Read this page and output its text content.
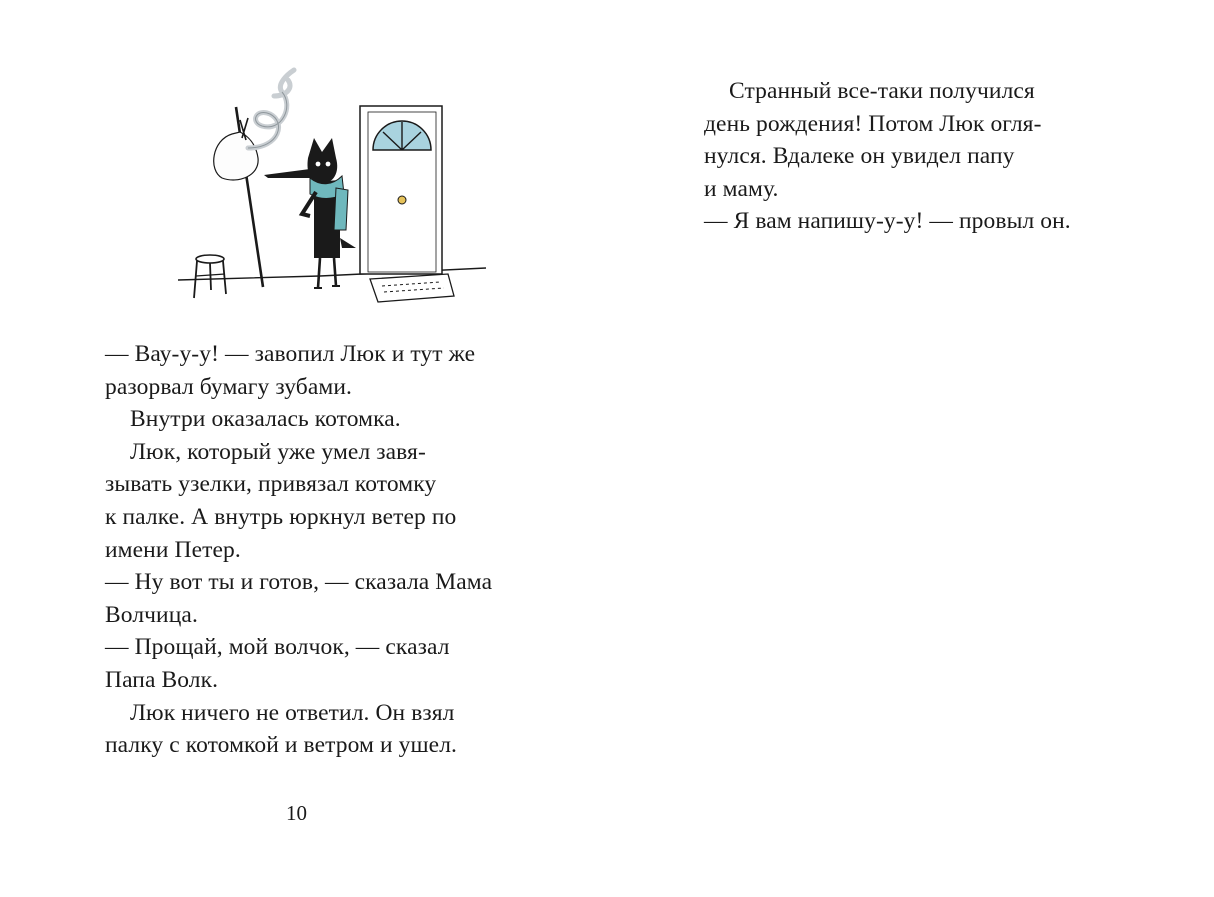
— Вау-у-у! — завопил Люк и тут же
разорвал бумагу зубами.
Внутри оказалась котомка.
Люк, который уже умел завя-
зывать узелки, привязал котомку
к палке. А внутрь юркнул ветер по
имени Петер.
— Ну вот ты и готов, — сказала Мама
Волчица.
— Прощай, мой волчок, — сказал
Папа Волк.
Люк ничего не ответил. Он взял
палку с котомкой и ветром и ушел.
10
Странный все-таки получился
день рождения! Потом Люк огля-
нулся. Вдалеке он увидел папу
и маму.
— Я вам напишу-у-у! — провыл он.
